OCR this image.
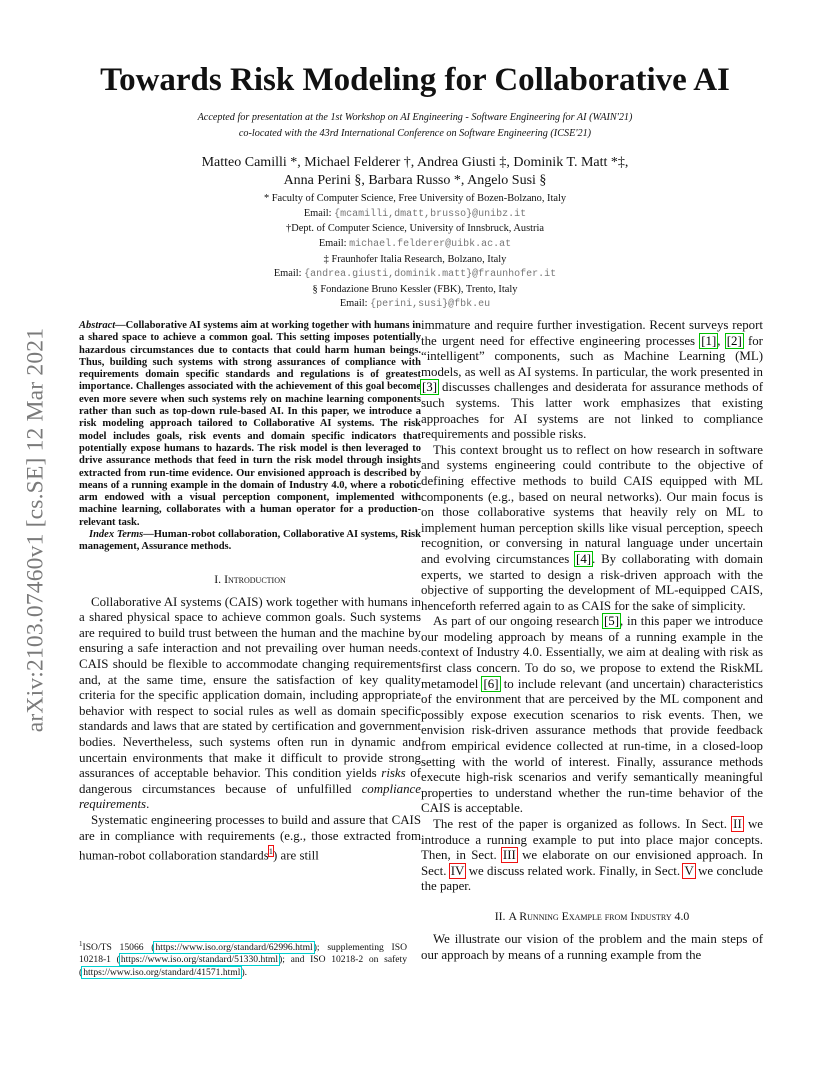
arXiv:2103.07460v1 [cs.SE] 12 Mar 2021
Towards Risk Modeling for Collaborative AI
Accepted for presentation at the 1st Workshop on AI Engineering - Software Engineering for AI (WAIN'21)
co-located with the 43rd International Conference on Software Engineering (ICSE'21)
Matteo Camilli *, Michael Felderer †, Andrea Giusti ‡, Dominik T. Matt *‡,
Anna Perini §, Barbara Russo *, Angelo Susi §
* Faculty of Computer Science, Free University of Bozen-Bolzano, Italy
Email: {mcamilli,dmatt,brusso}@unibz.it
†Dept. of Computer Science, University of Innsbruck, Austria
Email: michael.felderer@uibk.ac.at
‡ Fraunhofer Italia Research, Bolzano, Italy
Email: {andrea.giusti,dominik.matt}@fraunhofer.it
§ Fondazione Bruno Kessler (FBK), Trento, Italy
Email: {perini,susi}@fbk.eu

Abstract—Collaborative AI systems aim at working together with humans in a shared space to achieve a common goal. This setting imposes potentially hazardous circumstances due to contacts that could harm human beings. Thus, building such systems with strong assurances of compliance with requirements domain specific standards and regulations is of greatest importance. Challenges associated with the achievement of this goal become even more severe when such systems rely on machine learning components rather than such as top-down rule-based AI. In this paper, we introduce a risk modeling approach tailored to Collaborative AI systems. The risk model includes goals, risk events and domain specific indicators that potentially expose humans to hazards. The risk model is then leveraged to drive assurance methods that feed in turn the risk model through insights extracted from run-time evidence. Our envisioned approach is described by means of a running example in the domain of Industry 4.0, where a robotic arm endowed with a visual perception component, implemented with machine learning, collaborates with a human operator for a production-relevant task.

Index Terms—Human-robot collaboration, Collaborative AI systems, Risk management, Assurance methods.

I. Introduction

Collaborative AI systems (CAIS) work together with humans in a shared physical space to achieve common goals. Such systems are required to build trust between the human and the machine by ensuring a safe interaction and not prevailing over human needs. CAIS should be flexible to accommodate changing requirements and, at the same time, ensure the satisfaction of key quality criteria for the specific application domain, including appropriate behavior with respect to social rules as well as domain specific standards and laws that are stated by certification and government bodies. Nevertheless, such systems often run in dynamic and uncertain environments that make it difficult to provide strong assurances of acceptable behavior. This condition yields risks of dangerous circumstances because of unfulfilled compliance requirements.

Systematic engineering processes to build and assure that CAIS are in compliance with requirements (e.g., those extracted from human-robot collaboration standards$^1$) are still

immature and require further investigation. Recent surveys report the urgent need for effective engineering processes [1], [2] for “intelligent” components, such as Machine Learning (ML) models, as well as AI systems. In particular, the work presented in [3] discusses challenges and desiderata for assurance methods of such systems. This latter work emphasizes that existing approaches for AI systems are not linked to compliance requirements and possible risks.

This context brought us to reflect on how research in software and systems engineering could contribute to the objective of defining effective methods to build CAIS equipped with ML components (e.g., based on neural networks). Our main focus is on those collaborative systems that heavily rely on ML to implement human perception skills like visual perception, speech recognition, or conversing in natural language under uncertain and evolving circumstances [4]. By collaborating with domain experts, we started to design a risk-driven approach with the objective of supporting the development of ML-equipped CAIS, henceforth referred again to as CAIS for the sake of simplicity.

As part of our ongoing research [5], in this paper we introduce our modeling approach by means of a running example in the context of Industry 4.0. Essentially, we aim at dealing with risk as first class concern. To do so, we propose to extend the RiskML metamodel [6] to include relevant (and uncertain) characteristics of the environment that are perceived by the ML component and possibly expose execution scenarios to risk events. Then, we envision risk-driven assurance methods that provide feedback from empirical evidence collected at run-time, in a closed-loop setting with the world of interest. Finally, assurance methods execute high-risk scenarios and verify semantically meaningful properties to understand whether the run-time behavior of the CAIS is acceptable.

The rest of the paper is organized as follows. In Sect. II we introduce a running example to put into place major concepts. Then, in Sect. III we elaborate on our envisioned approach. In Sect. IV we discuss related work. Finally, in Sect. V we conclude the paper.

II. A Running Example from Industry 4.0

We illustrate our vision of the problem and the main steps of our approach by means of a running example from the

$^1$ISO/TS 15066 (https://www.iso.org/standard/62996.html); supplementing ISO 10218-1 (https://www.iso.org/standard/51330.html); and ISO 10218-2 on safety (https://www.iso.org/standard/41571.html).
